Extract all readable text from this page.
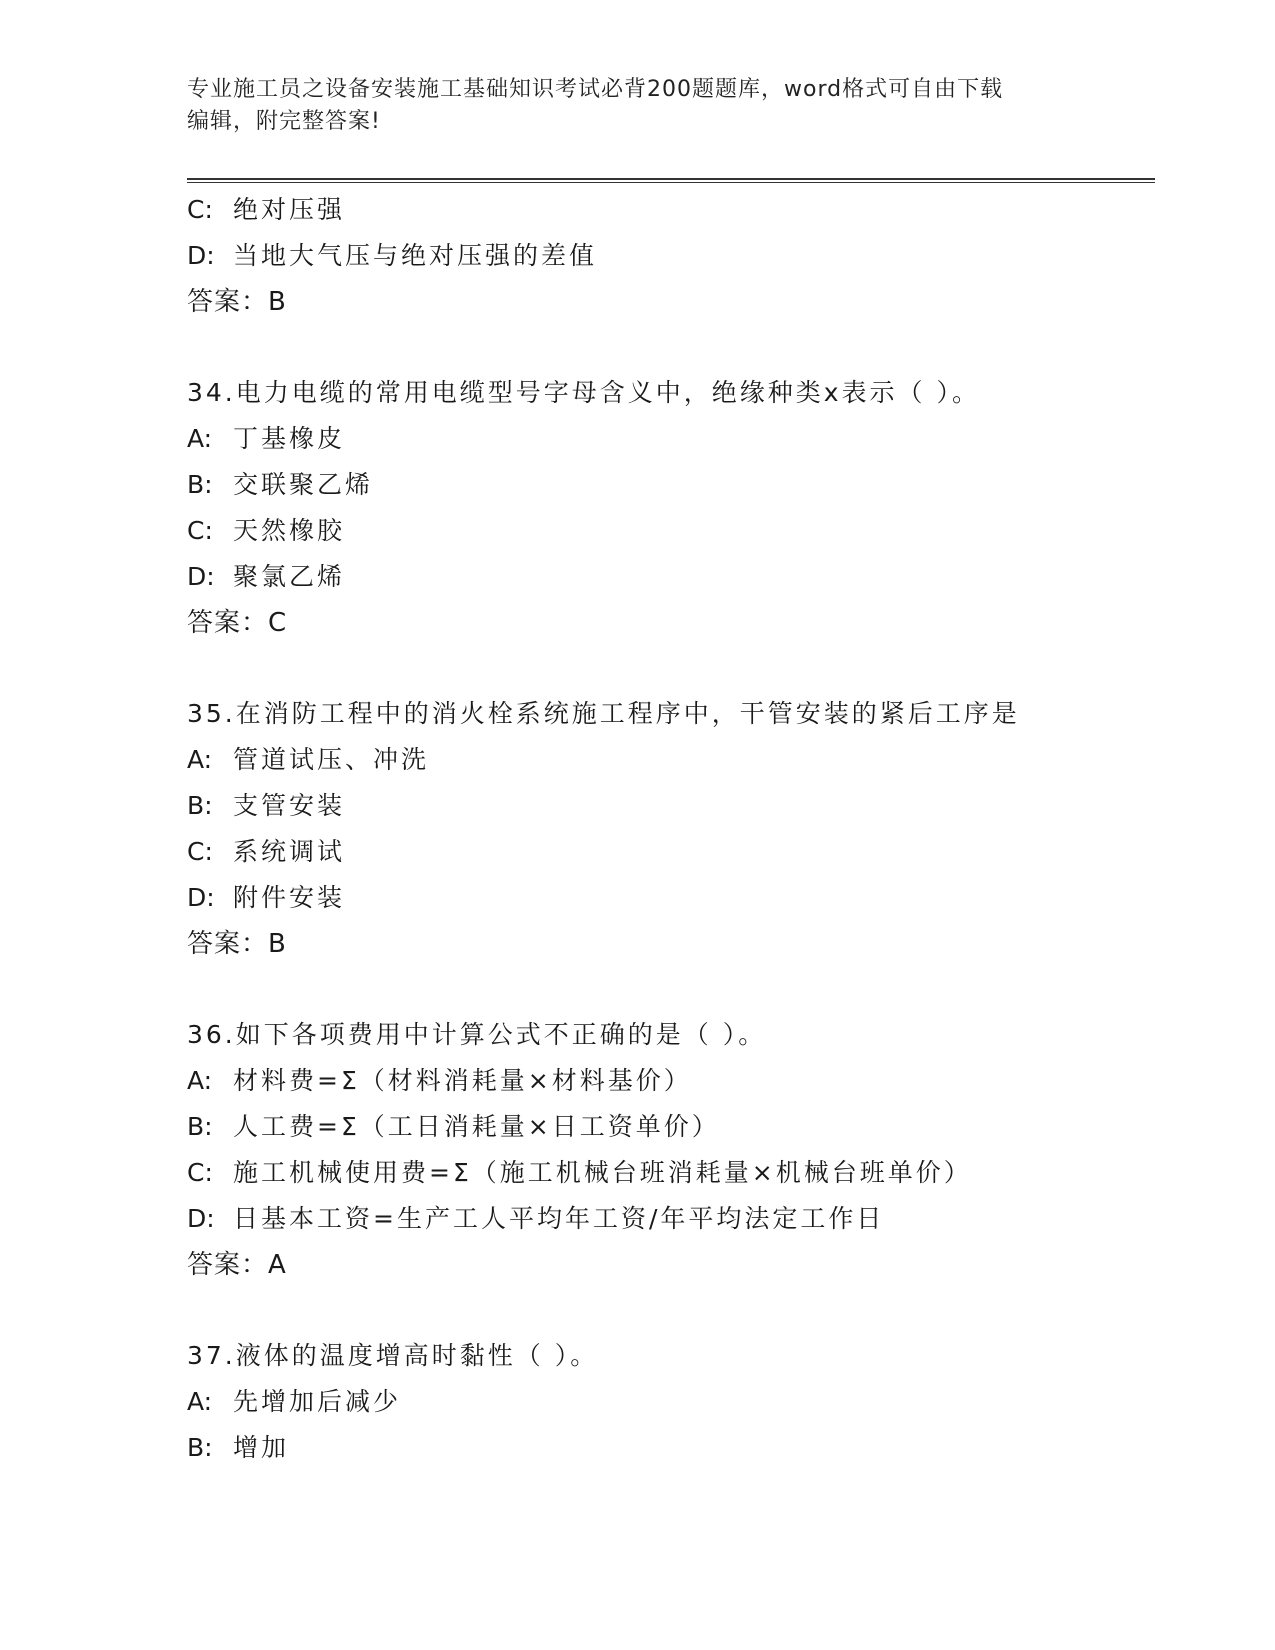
专业施工员之设备安装施工基础知识考试必背200题题库，word格式可自由下载
编辑，附完整答案!
C: 绝对压强
D: 当地大气压与绝对压强的差值
答案：B
34.电力电缆的常用电缆型号字母含义中，绝缘种类x表示（ ）。
A: 丁基橡皮
B: 交联聚乙烯
C: 天然橡胶
D: 聚氯乙烯
答案：C
35.在消防工程中的消火栓系统施工程序中，干管安装的紧后工序是
A: 管道试压、冲洗
B: 支管安装
C: 系统调试
D: 附件安装
答案：B
36.如下各项费用中计算公式不正确的是（ ）。
A: 材料费=Σ（材料消耗量×材料基价）
B: 人工费=Σ（工日消耗量×日工资单价）
C: 施工机械使用费=Σ（施工机械台班消耗量×机械台班单价）
D: 日基本工资=生产工人平均年工资/年平均法定工作日
答案：A
37.液体的温度增高时黏性（ ）。
A: 先增加后减少
B: 增加
